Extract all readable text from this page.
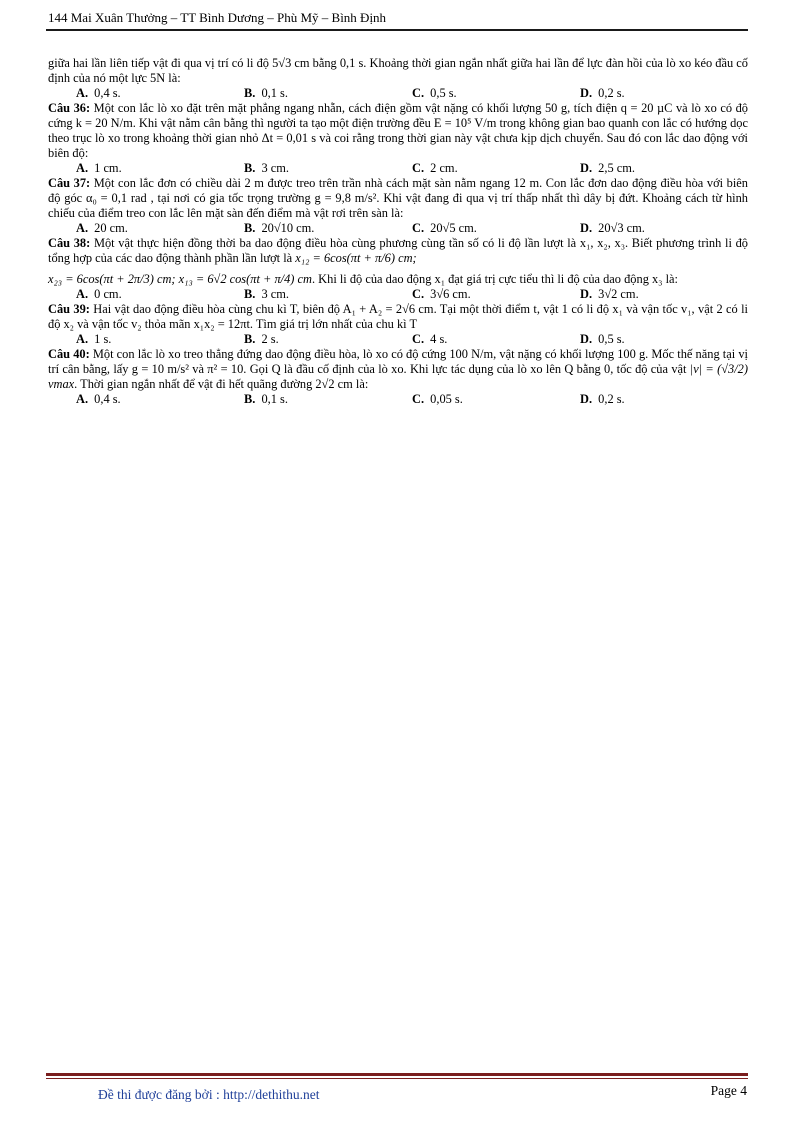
144 Mai Xuân Thưởng – TT Bình Dương – Phù Mỹ – Bình Định

giữa hai lần liên tiếp vật đi qua vị trí có li độ 5√3 cm bằng 0,1 s. Khoảng thời gian ngắn nhất giữa hai lần để lực đàn hồi của lò xo kéo đầu cố định của nó một lực 5N là:

A. 0,4 s.	B. 0,1 s.	C. 0,5 s.	D. 0,2 s.

Câu 36: Một con lắc lò xo đặt trên mặt phẳng ngang nhẵn, cách điện gồm vật nặng có khối lượng 50 g, tích điện q = 20 µC và lò xo có độ cứng k = 20 N/m. Khi vật nằm cân bằng thì người ta tạo một điện trường đều E = 10⁵ V/m trong không gian bao quanh con lắc có hướng dọc theo trục lò xo trong khoảng thời gian nhỏ Δt = 0,01 s và coi rằng trong thời gian này vật chưa kịp dịch chuyển. Sau đó con lắc dao động với biên độ:

A. 1 cm.	B. 3 cm.	C. 2 cm.	D. 2,5 cm.

Câu 37: Một con lắc đơn có chiều dài 2 m được treo trên trần nhà cách mặt sàn nằm ngang 12 m. Con lắc đơn dao động điều hòa với biên độ góc α₀ = 0,1 rad , tại nơi có gia tốc trọng trường g = 9,8 m/s². Khi vật đang đi qua vị trí thấp nhất thì dây bị đứt. Khoảng cách từ hình chiếu của điểm treo con lắc lên mặt sàn đến điểm mà vật rơi trên sàn là:

A. 20 cm.	B. 20√10 cm.	C. 20√5 cm.	D. 20√3 cm.

Câu 38: Một vật thực hiện đồng thời ba dao động điều hòa cùng phương cùng tần số có li độ lần lượt là x₁, x₂, x₃. Biết phương trình li độ tổng hợp của các dao động thành phần lần lượt là x₁₂ = 6cos(πt + π/6) cm;

x₂₃ = 6cos(πt + 2π/3) cm; x₁₃ = 6√2 cos(πt + π/4) cm. Khi li độ của dao động x₁ đạt giá trị cực tiểu thì li độ của dao động x₃ là:

A. 0 cm.	B. 3 cm.	C. 3√6 cm.	D. 3√2 cm.

Câu 39: Hai vật dao động điều hòa cùng chu kì T, biên độ A₁ + A₂ = 2√6 cm. Tại một thời điểm t, vật 1 có li độ x₁ và vận tốc v₁, vật 2 có li độ x₂ và vận tốc v₂ thỏa mãn x₁x₂ = 12πt. Tìm giá trị lớn nhất của chu kì T

A. 1 s.	B. 2 s.	C. 4 s.	D. 0,5 s.

Câu 40: Một con lắc lò xo treo thẳng đứng dao động điều hòa, lò xo có độ cứng 100 N/m, vật nặng có khối lượng 100 g. Mốc thế năng tại vị trí cân bằng, lấy g = 10 m/s² và π² = 10. Gọi Q là đầu cố định của lò xo. Khi lực tác dụng của lò xo lên Q bằng 0, tốc độ của vật |v| = (√3/2) vmax. Thời gian ngắn nhất để vật đi hết quãng đường 2√2 cm là:

A. 0,4 s.	B. 0,1 s.	C. 0,05 s.	D. 0,2 s.
Đề thi được đăng bởi : http://dethithu.net	Page 4
